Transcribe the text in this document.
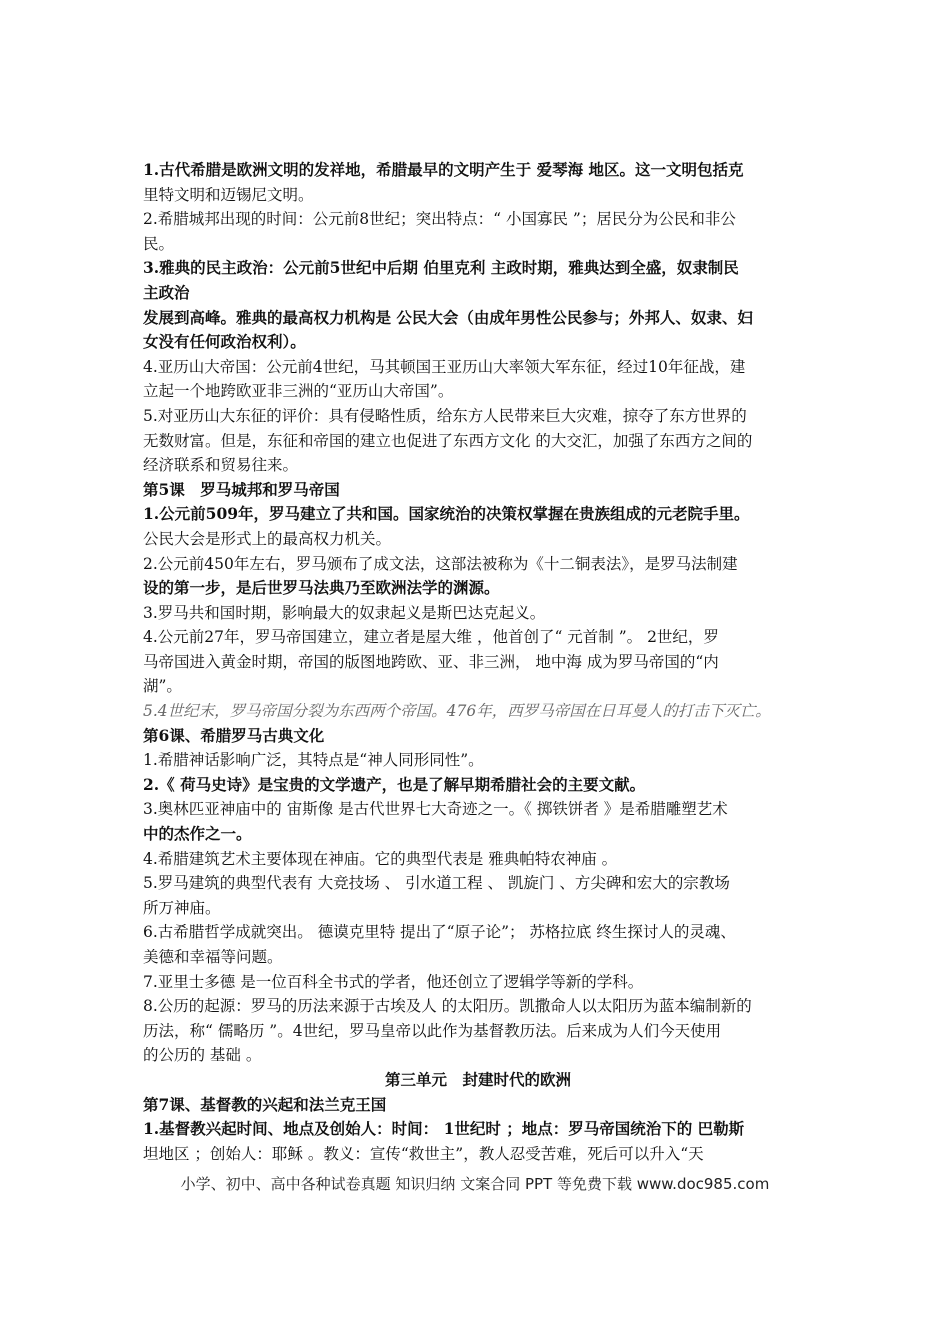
1.古代希腊是欧洲文明的发祥地，希腊最早的文明产生于 爱琴海 地区。这一文明包括克
里特文明和迈锡尼文明。
2.希腊城邦出现的时间：公元前8世纪；突出特点：“ 小国寡民 ”；居民分为公民和非公
民。
3.雅典的民主政治：公元前5世纪中后期 伯里克利 主政时期，雅典达到全盛，奴隶制民
主政治
发展到高峰。雅典的最高权力机构是 公民大会（由成年男性公民参与；外邦人、奴隶、妇
女没有任何政治权利）。
4.亚历山大帝国：公元前4世纪，马其顿国王亚历山大率领大军东征，经过10年征战，建
立起一个地跨欧亚非三洲的“亚历山大帝国”。
5.对亚历山大东征的评价：具有侵略性质，给东方人民带来巨大灾难，掠夺了东方世界的
无数财富。但是，东征和帝国的建立也促进了东西方文化 的大交汇，加强了东西方之间的
经济联系和贸易往来。
第5课　罗马城邦和罗马帝国
1.公元前509年，罗马建立了共和国。国家统治的决策权掌握在贵族组成的元老院手里。
公民大会是形式上的最高权力机关。
2.公元前450年左右，罗马颁布了成文法，这部法被称为《十二铜表法》，是罗马法制建
设的第一步，是后世罗马法典乃至欧洲法学的渊源。
3.罗马共和国时期，影响最大的奴隶起义是斯巴达克起义。
4.公元前27年，罗马帝国建立，建立者是屋大维 ，他首创了“ 元首制 ”。 2世纪，罗
马帝国进入黄金时期，帝国的版图地跨欧、亚、非三洲， 地中海 成为罗马帝国的“内
湖”。
5.4世纪末，罗马帝国分裂为东西两个帝国。476年，西罗马帝国在日耳曼人的打击下灭亡。
第6课、希腊罗马古典文化
1.希腊神话影响广泛，其特点是“神人同形同性”。
2.《 荷马史诗》是宝贵的文学遗产，也是了解早期希腊社会的主要文献。
3.奥林匹亚神庙中的 宙斯像 是古代世界七大奇迹之一。《 掷铁饼者 》是希腊雕塑艺术
中的杰作之一。
4.希腊建筑艺术主要体现在神庙。它的典型代表是 雅典帕特农神庙 。
5.罗马建筑的典型代表有 大竞技场 、 引水道工程 、 凯旋门 、方尖碑和宏大的宗教场
所万神庙。
6.古希腊哲学成就突出。 德谟克里特 提出了“原子论”； 苏格拉底 终生探讨人的灵魂、
美德和幸福等问题。
7.亚里士多德 是一位百科全书式的学者，他还创立了逻辑学等新的学科。
8.公历的起源：罗马的历法来源于古埃及人 的太阳历。凯撒命人以太阳历为蓝本编制新的
历法，称“ 儒略历 ”。4世纪，罗马皇帝以此作为基督教历法。后来成为人们今天使用
的公历的 基础 。
第三单元　封建时代的欧洲
第7课、基督教的兴起和法兰克王国
1.基督教兴起时间、地点及创始人：时间： 1世纪时 ；地点：罗马帝国统治下的 巴勒斯
坦地区 ；创始人：耶稣 。教义：宣传“救世主”，教人忍受苦难，死后可以升入“天
小学、初中、高中各种试卷真题 知识归纳 文案合同 PPT 等免费下载 www.doc985.com
